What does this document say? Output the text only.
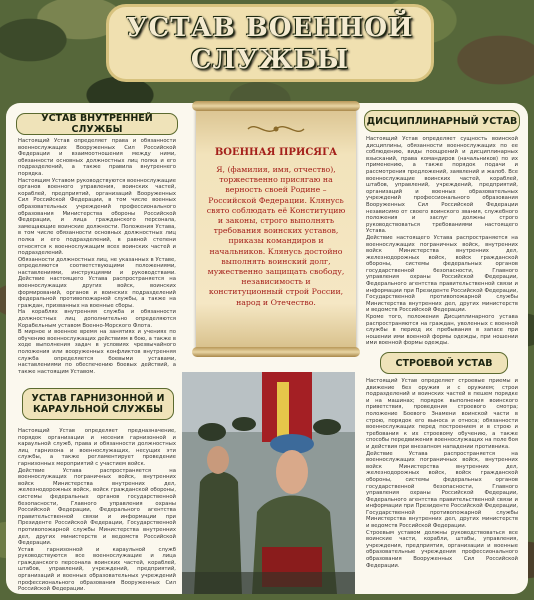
УСТАВ ВОЕННОЙ
СЛУЖБЫ
УСТАВ ВНУТРЕННЕЙ СЛУЖБЫ
Настоящий Устав определяет права и обязанности военнослужащих Вооруженных Сил Российской Федерации и взаимоотношения между ними, обязанности основных должностных лиц полка и его подразделений, а также правила внутреннего порядка.
Настоящим Уставом руководствуются военнослужащие органов военного управления, воинских частей, кораблей, предприятий, организаций Вооруженных Сил Российской Федерации, в том числе военных образовательных учреждений профессионального образования Министерства обороны Российской Федерации, и лица гражданского персонала, замещающие воинские должности. Положения Устава, в том числе обязанности основных должностных лиц полка и его подразделений, в равной степени относятся к военнослужащим всех воинских частей и подразделений.
Обязанности должностных лиц, не указанных в Уставе, определяются соответствующими положениями, наставлениями, инструкциями и руководствами. Действие настоящего Устава распространяется на военнослужащих других войск, воинских формирований, органов и воинских подразделений федеральной противопожарной службы, а также на граждан, призванных на военные сборы.
На кораблях внутренняя служба и обязанности должностных лиц дополнительно определяются Корабельным уставом Военно-Морского Флота.
В мирное и военное время на занятиях и учениях по обучению военнослужащих действиям в бою, а также в ходе выполнения задач в условиях чрезвычайного положения или вооруженных конфликтов внутренняя служба определяется боевыми уставами, наставлениями по обеспечению боевых действий, а также настоящим Уставом.
УСТАВ ГАРНИЗОННОЙ И КАРАУЛЬНОЙ СЛУЖБЫ
Настоящий Устав определяет предназначение, порядок организации и несения гарнизонной и караульной служб, права и обязанности должностных лиц гарнизона и военнослужащих, несущих эти службы, а также регламентирует проведение гарнизонных мероприятий с участием войск.
Действие Устава распространяется на военнослужащих пограничных войск, внутренних войск Министерства внутренних дел, железнодорожных войск, войск гражданской обороны, системы федеральных органов государственной безопасности, Главного управления охраны Российской Федерации, Федерального агентства правительственной связи и информации при Президенте Российской Федерации, Государственной противопожарной службы Министерства внутренних дел, других министерств и ведомств Российской Федерации.
Устав гарнизонной и караульной служб руководствуются все военнослужащие и лица гражданского персонала воинских частей, кораблей, штабов, управлений, учреждений, предприятий, организаций и военных образовательных учреждений профессионального образования Вооруженных Сил Российской Федерации.
ВОЕННАЯ ПРИСЯГА
Я, (фамилия, имя, отчество), торжественно присягаю на верность своей Родине – Российской Федерации. Клянусь свято соблюдать её Конституцию и законы, строго выполнять требования воинских уставов, приказы командиров и начальников. Клянусь достойно выполнять воинский долг, мужественно защищать свободу, независимость и конституционный строй России, народ и Отечество.
ДИСЦИПЛИНАРНЫЙ УСТАВ
Настоящий Устав определяет сущность воинской дисциплины, обязанности военнослужащих по ее соблюдению, виды поощрений и дисциплинарных взысканий, права командиров (начальников) по их применению, а также порядок подачи и рассмотрения предложений, заявлений и жалоб. Все военнослужащие воинских частей, кораблей, штабов, управлений, учреждений, предприятий, организаций и военных образовательных учреждений профессионального образования Вооруженных Сил Российской Федерации независимо от своего воинского звания, служебного положения и заслуг должны строго руководствоваться требованиями настоящего Устава.
Действие настоящего Устава распространяется на военнослужащих пограничных войск, внутренних войск Министерства внутренних дел, железнодорожных войск, войск гражданской обороны, системы федеральных органов государственной безопасности, Главного управления охраны Российской Федерации, Федерального агентства правительственной связи и информации при Президенте Российской Федерации, Государственной противопожарной службы Министерства внутренних дел, других министерств и ведомств Российской Федерации.
Кроме того, положения Дисциплинарного устава распространяются на граждан, уволенных с военной службы в период их пребывания в запасе при ношении ими военной формы одежды, при ношении ими военной формы одежды.
СТРОЕВОЙ УСТАВ
Настоящий Устав определяет строевые приемы и движение без оружия и с оружием; строи подразделений и воинских частей в пешем порядке и на машинах; порядок выполнения воинского приветствия, проведения строевого смотра; положение Боевого Знамени воинской части в строю, порядок его выноса и относа; обязанности военнослужащих перед построением и в строю и требования к их строевому обучению, а также способы передвижения военнослужащих на поле боя и действия при внезапном нападении противника.
Действие Устава распространяется на военнослужащих пограничных войск, внутренних войск Министерства внутренних дел, железнодорожных войск, войск гражданской обороны, системы федеральных органов государственной безопасности, Главного управления охраны Российской Федерации, Федерального агентства правительственной связи и информации при Президенте Российской Федерации, Государственной противопожарной службы Министерства внутренних дел, других министерств и ведомств Российской Федерации.
Строевым уставом должны руководствоваться все воинские части, корабли, штабы, управления, учреждения, предприятия, организации и военные образовательные учреждения профессионального образования Вооруженных Сил Российской Федерации.
